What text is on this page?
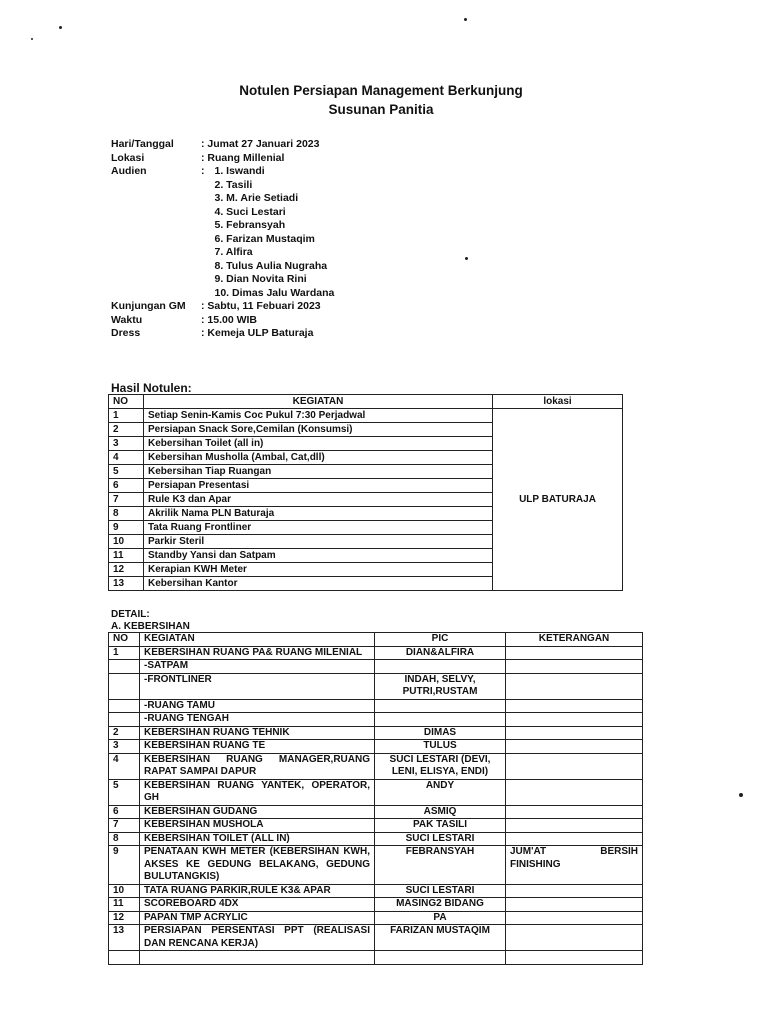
Notulen Persiapan Management Berkunjung
Susunan Panitia
Hari/Tanggal	: Jumat 27 Januari 2023
Lokasi	: Ruang Millenial
Audien	: 1. Iswandi
2. Tasili
3. M. Arie Setiadi
4. Suci Lestari
5. Febransyah
6. Farizan Mustaqim
7. Alfira
8. Tulus Aulia Nugraha
9. Dian Novita Rini
10. Dimas Jalu Wardana
Kunjungan GM	: Sabtu, 11 Febuari 2023
Waktu	: 15.00 WIB
Dress	: Kemeja ULP Baturaja
Hasil Notulen:
NO	KEGIATAN	lokasi
1	Setiap Senin-Kamis Coc Pukul 7:30 Perjadwal	ULP BATURAJA
2	Persiapan Snack Sore,Cemilan (Konsumsi)	
3	Kebersihan Toilet (all in)	
4	Kebersihan Musholla (Ambal, Cat,dll)	
5	Kebersihan Tiap Ruangan	
6	Persiapan Presentasi	
7	Rule K3 dan Apar	
8	Akrilik Nama PLN Baturaja	
9	Tata Ruang Frontliner	
10	Parkir Steril	
11	Standby Yansi dan Satpam	
12	Kerapian KWH Meter	
13	Kebersihan Kantor	
DETAIL:
A. KEBERSIHAN
NO	KEGIATAN	PIC	KETERANGAN
1	KEBERSIHAN RUANG PA& RUANG MILENIAL	DIAN&ALFIRA	
	-SATPAM		
	-FRONTLINER	INDAH, SELVY, PUTRI,RUSTAM	
	-RUANG TAMU		
	-RUANG TENGAH		
2	KEBERSIHAN RUANG TEHNIK	DIMAS	
3	KEBERSIHAN RUANG TE	TULUS	
4	KEBERSIHAN RUANG MANAGER,RUANG RAPAT SAMPAI DAPUR	SUCI LESTARI (DEVI, LENI, ELISYA, ENDI)	
5	KEBERSIHAN RUANG YANTEK, OPERATOR, GH	ANDY	
6	KEBERSIHAN GUDANG	ASMIQ	
7	KEBERSIHAN MUSHOLA	PAK TASILI	
8	KEBERSIHAN TOILET (ALL IN)	SUCI LESTARI	
9	PENATAAN KWH METER (KEBERSIHAN KWH, AKSES KE GEDUNG BELAKANG, GEDUNG BULUTANGKIS)	FEBRANSYAH	JUM'AT BERSIH FINISHING
10	TATA RUANG PARKIR,RULE K3& APAR	SUCI LESTARI	
11	SCOREBOARD 4DX	MASING2 BIDANG	
12	PAPAN TMP ACRYLIC	PA	
13	PERSIAPAN PERSENTASI PPT (REALISASI DAN RENCANA KERJA)	FARIZAN MUSTAQIM	
